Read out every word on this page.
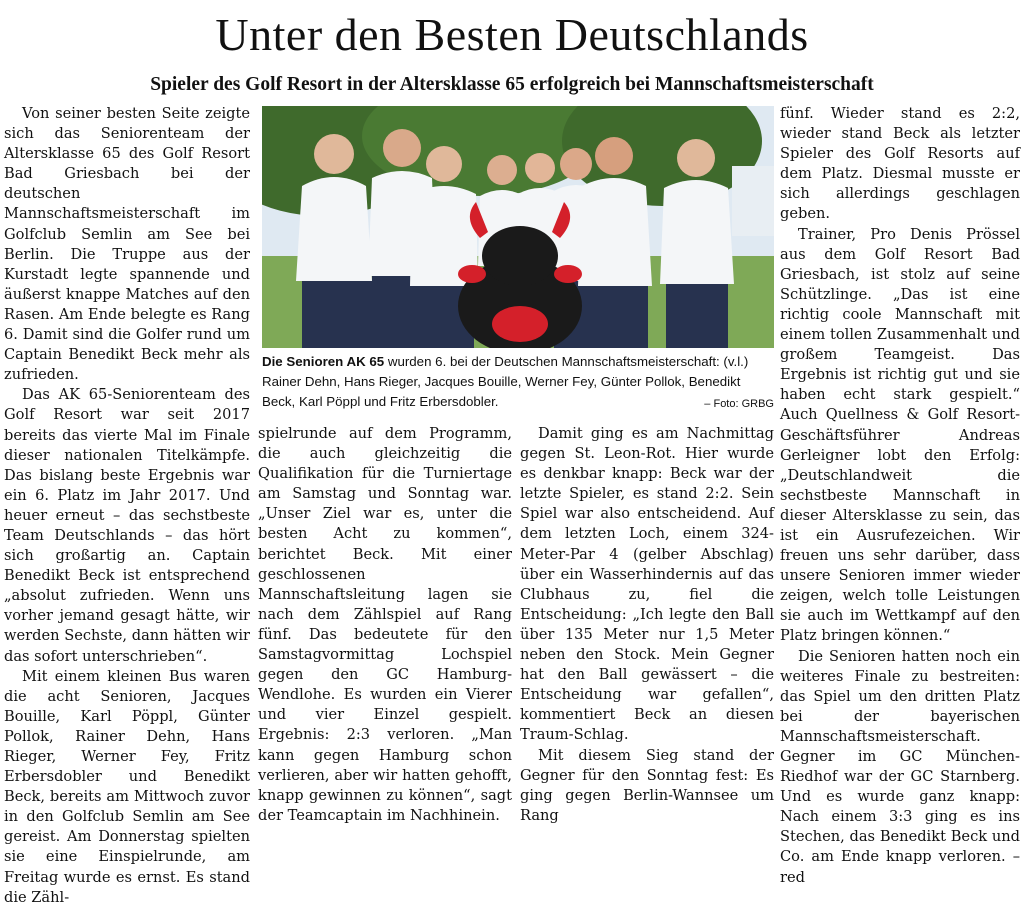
Unter den Besten Deutschlands
Spieler des Golf Resort in der Altersklasse 65 erfolgreich bei Mannschaftsmeisterschaft

Von seiner besten Seite zeigte sich das Seniorenteam der Altersklasse 65 des Golf Resort Bad Griesbach bei der deutschen Mannschaftsmeisterschaft im Golfclub Semlin am See bei Berlin. Die Truppe aus der Kurstadt legte spannende und äußerst knappe Matches auf den Rasen. Am Ende belegte es Rang 6. Damit sind die Golfer rund um Captain Benedikt Beck mehr als zufrieden.

Das AK 65-Seniorenteam des Golf Resort war seit 2017 bereits das vierte Mal im Finale dieser nationalen Titelkämpfe. Das bislang beste Ergebnis war ein 6. Platz im Jahr 2017. Und heuer erneut – das sechstbeste Team Deutschlands – das hört sich großartig an. Captain Benedikt Beck ist entsprechend „absolut zufrieden. Wenn uns vorher jemand gesagt hätte, wir werden Sechste, dann hätten wir das sofort unterschrieben“.

Mit einem kleinen Bus waren die acht Senioren, Jacques Bouille, Karl Pöppl, Günter Pollok, Rainer Dehn, Hans Rieger, Werner Fey, Fritz Erbersdobler und Benedikt Beck, bereits am Mittwoch zuvor in den Golfclub Semlin am See gereist. Am Donnerstag spielten sie eine Einspielrunde, am Freitag wurde es ernst. Es stand die Zähl-

Die Senioren AK 65 wurden 6. bei der Deutschen Mannschaftsmeisterschaft: (v.l.) Rainer Dehn, Hans Rieger, Jacques Bouille, Werner Fey, Günter Pollok, Benedikt Beck, Karl Pöppl und Fritz Erbersdobler.	– Foto: GRBG

spielrunde auf dem Programm, die auch gleichzeitig die Qualifikation für die Turniertage am Samstag und Sonntag war. „Unser Ziel war es, unter die besten Acht zu kommen“, berichtet Beck. Mit einer geschlossenen Mannschaftsleitung lagen sie nach dem Zählspiel auf Rang fünf. Das bedeutete für den Samstagvormittag Lochspiel gegen den GC Hamburg-Wendlohe. Es wurden ein Vierer und vier Einzel gespielt. Ergebnis: 2:3 verloren. „Man kann gegen Hamburg schon verlieren, aber wir hatten gehofft, knapp gewinnen zu können“, sagt der Teamcaptain im Nachhinein.

Damit ging es am Nachmittag gegen St. Leon-Rot. Hier wurde es denkbar knapp: Beck war der letzte Spieler, es stand 2:2. Sein Spiel war also entscheidend. Auf dem letzten Loch, einem 324-Meter-Par 4 (gelber Abschlag) über ein Wasserhindernis auf das Clubhaus zu, fiel die Entscheidung: „Ich legte den Ball über 135 Meter nur 1,5 Meter neben den Stock. Mein Gegner hat den Ball gewässert – die Entscheidung war gefallen“, kommentiert Beck an diesen Traum-Schlag.

Mit diesem Sieg stand der Gegner für den Sonntag fest: Es ging gegen Berlin-Wannsee um Rang

fünf. Wieder stand es 2:2, wieder stand Beck als letzter Spieler des Golf Resorts auf dem Platz. Diesmal musste er sich allerdings geschlagen geben.

Trainer, Pro Denis Prössel aus dem Golf Resort Bad Griesbach, ist stolz auf seine Schützlinge. „Das ist eine richtig coole Mannschaft mit einem tollen Zusammenhalt und großem Teamgeist. Das Ergebnis ist richtig gut und sie haben echt stark gespielt.“ Auch Quellness & Golf Resort-Geschäftsführer Andreas Gerleigner lobt den Erfolg: „Deutschlandweit die sechstbeste Mannschaft in dieser Altersklasse zu sein, das ist ein Ausrufezeichen. Wir freuen uns sehr darüber, dass unsere Senioren immer wieder zeigen, welch tolle Leistungen sie auch im Wettkampf auf den Platz bringen können.“

Die Senioren hatten noch ein weiteres Finale zu bestreiten: das Spiel um den dritten Platz bei der bayerischen Mannschaftsmeisterschaft. Gegner im GC München-Riedhof war der GC Starnberg. Und es wurde ganz knapp: Nach einem 3:3 ging es ins Stechen, das Benedikt Beck und Co. am Ende knapp verloren. – red
